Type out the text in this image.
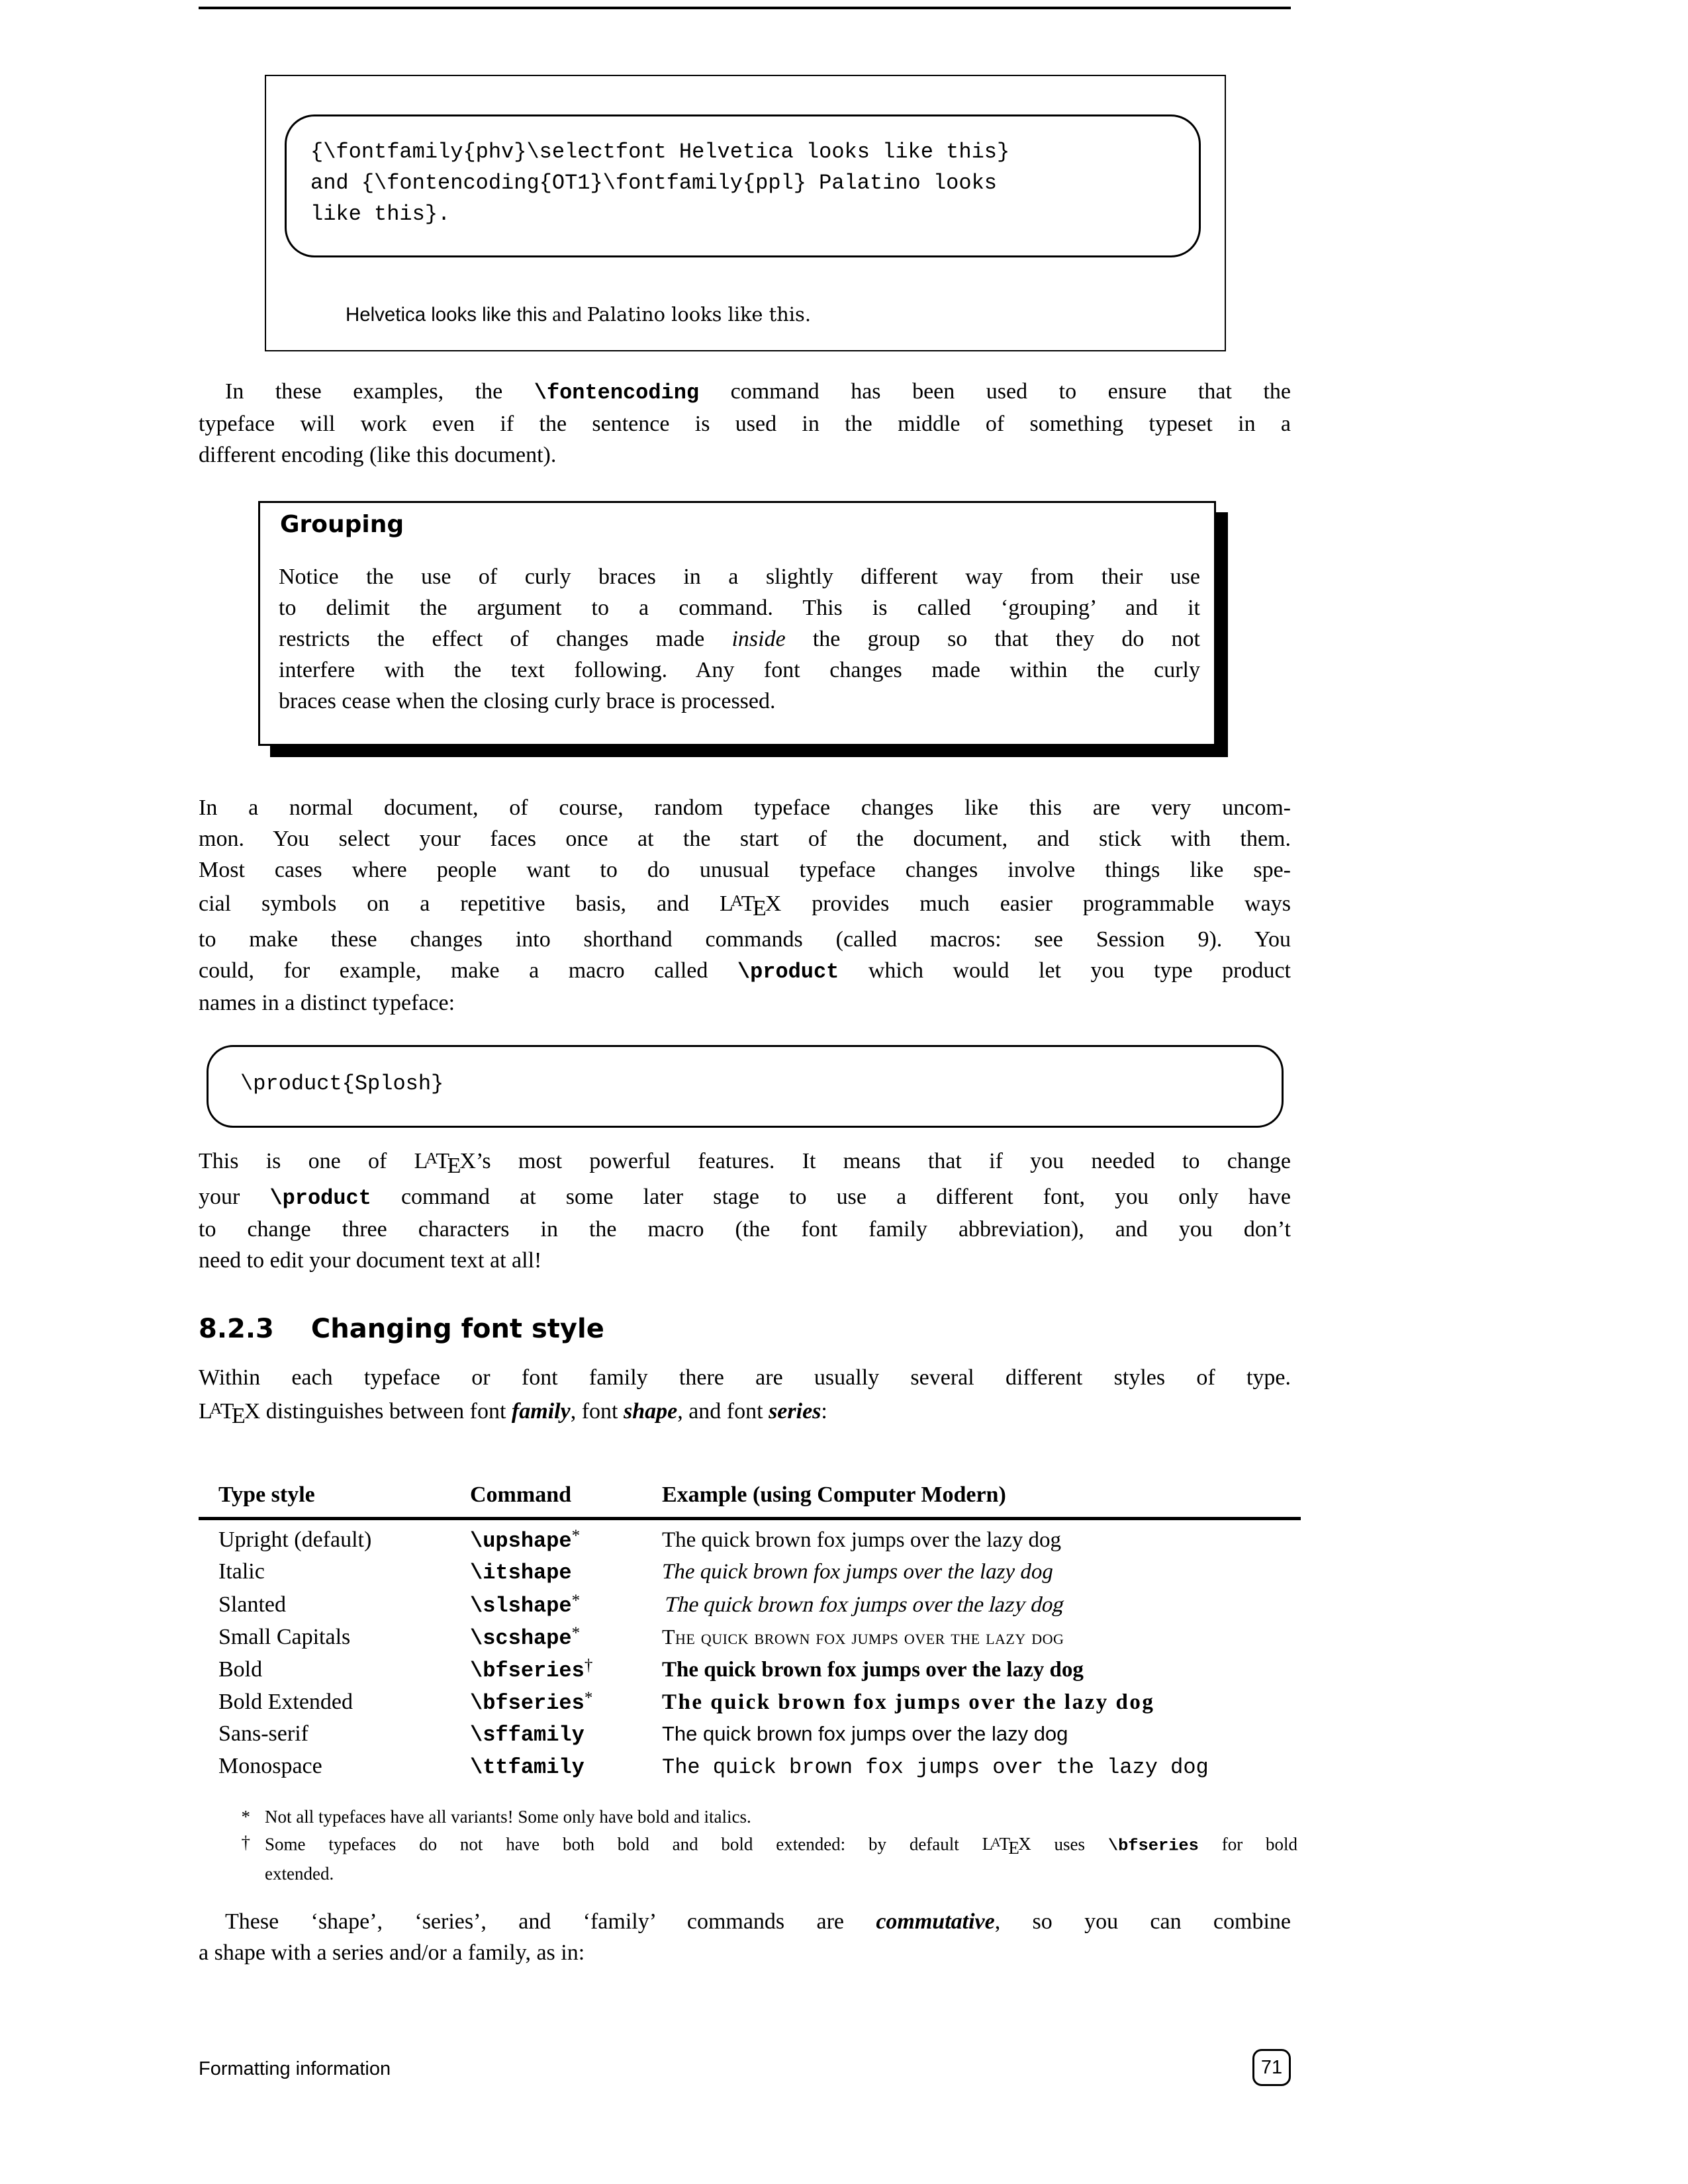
{\fontfamily{phv}\selectfont Helvetica looks like this}
and {\fontencoding{OT1}\fontfamily{ppl} Palatino looks
like this}.
Helvetica looks like this and Palatino looks like this.
In these examples, the \fontencoding command has been used to ensure that the
typeface will work even if the sentence is used in the middle of something typeset in a
different encoding (like this document).
Grouping
Notice the use of curly braces in a slightly different way from their use
to delimit the argument to a command. This is called ‘grouping’ and it
restricts the effect of changes made inside the group so that they do not
interfere with the text following. Any font changes made within the curly
braces cease when the closing curly brace is processed.
In a normal document, of course, random typeface changes like this are very uncom-
mon. You select your faces once at the start of the document, and stick with them.
Most cases where people want to do unusual typeface changes involve things like spe-
cial symbols on a repetitive basis, and $L^ATEX$ provides much easier programmable ways
to make these changes into shorthand commands (called macros: see Session 9). You
could, for example, make a macro called \product which would let you type product
names in a distinct typeface:
\product{Splosh}
This is one of $L^ATEX’s$ most powerful features. It means that if you needed to change
your \product command at some later stage to use a different font, you only have
to change three characters in the macro (the font family abbreviation), and you don’t
need to edit your document text at all!
8.2.3 Changing font style
Within each typeface or font family there are usually several different styles of type.
$L^ATEX$ distinguishes between font family, font shape, and font series:
Type style	Command	Example (using Computer Modern)
Upright (default)	\upshape*	The quick brown fox jumps over the lazy dog
Italic	\itshape	The quick brown fox jumps over the lazy dog
Slanted	\slshape*	The quick brown fox jumps over the lazy dog
Small Capitals	\scshape*	The quick brown fox jumps over the lazy dog
Bold	\bfseries†	The quick brown fox jumps over the lazy dog
Bold Extended	\bfseries*	The quick brown fox jumps over the lazy dog
Sans-serif	\sffamily	The quick brown fox jumps over the lazy dog
Monospace	\ttfamily	The quick brown fox jumps over the lazy dog
* Not all typefaces have all variants! Some only have bold and italics.
† Some typefaces do not have both bold and bold extended: by default $L^ATEX$ uses \bfseries for bold
extended.
These ‘shape’, ‘series’, and ‘family’ commands are commutative, so you can combine
a shape with a series and/or a family, as in:
Formatting information	71
